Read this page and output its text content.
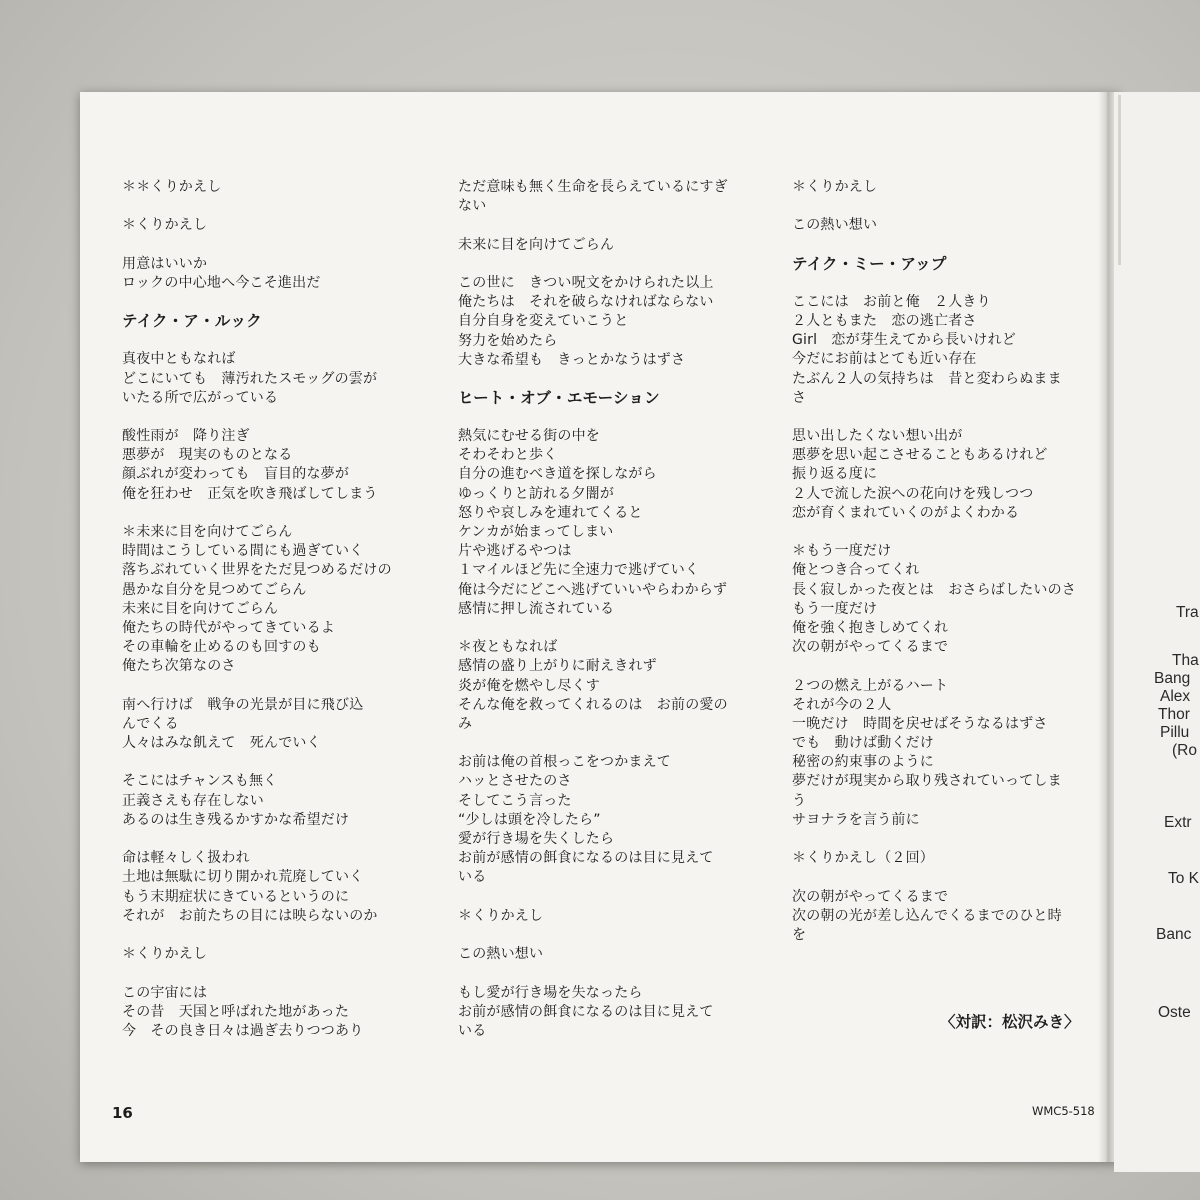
＊＊くりかえし
＊くりかえし
用意はいいか
ロックの中心地へ今こそ進出だ
テイク・ア・ルック
真夜中ともなれば
どこにいても　薄汚れたスモッグの雲が
いたる所で広がっている
酸性雨が　降り注ぎ
悪夢が　現実のものとなる
顔ぶれが変わっても　盲目的な夢が
俺を狂わせ　正気を吹き飛ばしてしまう
＊未来に目を向けてごらん
時間はこうしている間にも過ぎていく
落ちぶれていく世界をただ見つめるだけの
愚かな自分を見つめてごらん
未来に目を向けてごらん
俺たちの時代がやってきているよ
その車輪を止めるのも回すのも
俺たち次第なのさ
南へ行けば　戦争の光景が目に飛び込
んでくる
人々はみな飢えて　死んでいく
そこにはチャンスも無く
正義さえも存在しない
あるのは生き残るかすかな希望だけ
命は軽々しく扱われ
土地は無駄に切り開かれ荒廃していく
もう末期症状にきているというのに
それが　お前たちの目には映らないのか
＊くりかえし
この宇宙には
その昔　天国と呼ばれた地があった
今　その良き日々は過ぎ去りつつあり
ただ意味も無く生命を長らえているにすぎ
ない
未来に目を向けてごらん
この世に　きつい呪文をかけられた以上
俺たちは　それを破らなければならない
自分自身を変えていこうと
努力を始めたら
大きな希望も　きっとかなうはずさ
ヒート・オブ・エモーション
熱気にむせる街の中を
そわそわと歩く
自分の進むべき道を探しながら
ゆっくりと訪れる夕闇が
怒りや哀しみを連れてくると
ケンカが始まってしまい
片や逃げるやつは
１マイルほど先に全速力で逃げていく
俺は今だにどこへ逃げていいやらわからず
感情に押し流されている
＊夜ともなれば
感情の盛り上がりに耐えきれず
炎が俺を燃やし尽くす
そんな俺を救ってくれるのは　お前の愛の
み
お前は俺の首根っこをつかまえて
ハッとさせたのさ
そしてこう言った
“少しは頭を冷したら”
愛が行き場を失くしたら
お前が感情の餌食になるのは目に見えて
いる
＊くりかえし
この熱い想い
もし愛が行き場を失なったら
お前が感情の餌食になるのは目に見えて
いる
＊くりかえし
この熱い想い
テイク・ミー・アップ
ここには　お前と俺　２人きり
２人ともまた　恋の逃亡者さ
Girl　恋が芽生えてから長いけれど
今だにお前はとても近い存在
たぶん２人の気持ちは　昔と変わらぬまま
さ
思い出したくない想い出が
悪夢を思い起こさせることもあるけれど
振り返る度に
２人で流した涙への花向けを残しつつ
恋が育くまれていくのがよくわかる
＊もう一度だけ
俺とつき合ってくれ
長く寂しかった夜とは　おさらばしたいのさ
もう一度だけ
俺を強く抱きしめてくれ
次の朝がやってくるまで
２つの燃え上がるハート
それが今の２人
一晩だけ　時間を戻せばそうなるはずさ
でも　動けば動くだけ
秘密の約束事のように
夢だけが現実から取り残されていってしま
う
サヨナラを言う前に
＊くりかえし（２回）
次の朝がやってくるまで
次の朝の光が差し込んでくるまでのひと時
を
〈対訳：松沢みき〉
16	WMC5-518
Tra
Tha
Bang
Alex
Thor
Pillu
(Ro
Extr
To K
Banc
Oste
